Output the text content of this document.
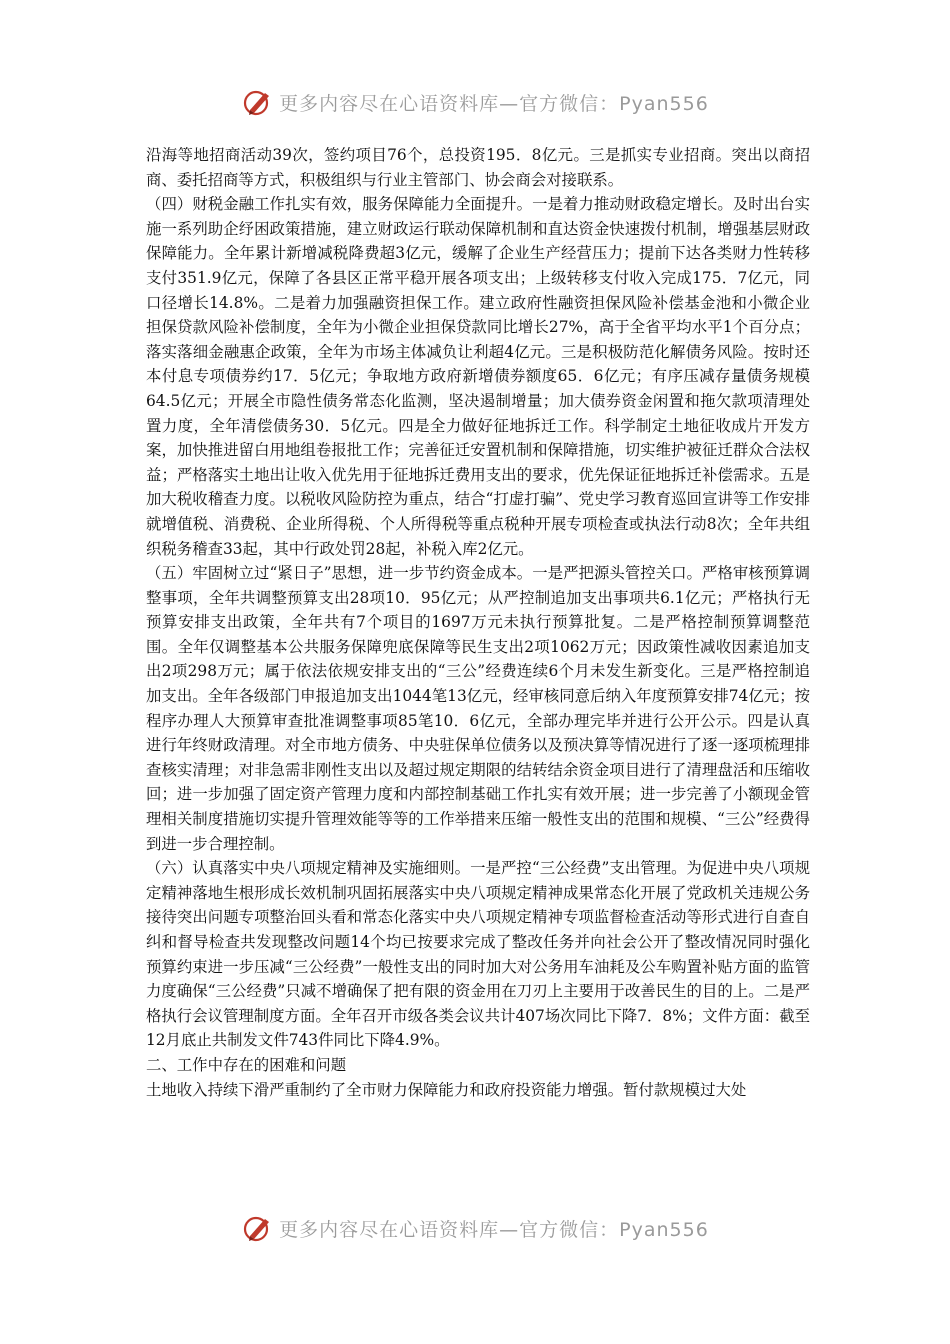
更多内容尽在心语资料库—官方微信：Pyan556

沿海等地招商活动39次，签约项目76个，总投资195．8亿元。三是抓实专业招商。突出以商招商、委托招商等方式，积极组织与行业主管部门、协会商会对接联系。

（四）财税金融工作扎实有效，服务保障能力全面提升。一是着力推动财政稳定增长。及时出台实施一系列助企纾困政策措施，建立财政运行联动保障机制和直达资金快速拨付机制，增强基层财政保障能力。全年累计新增减税降费超3亿元，缓解了企业生产经营压力；提前下达各类财力性转移支付351.9亿元，保障了各县区正常平稳开展各项支出；上级转移支付收入完成175．7亿元，同口径增长14.8%。二是着力加强融资担保工作。建立政府性融资担保风险补偿基金池和小微企业担保贷款风险补偿制度，全年为小微企业担保贷款同比增长27%，高于全省平均水平1个百分点；落实落细金融惠企政策，全年为市场主体减负让利超4亿元。三是积极防范化解债务风险。按时还本付息专项债券约17．5亿元；争取地方政府新增债券额度65．6亿元；有序压减存量债务规模64.5亿元；开展全市隐性债务常态化监测，坚决遏制增量；加大债券资金闲置和拖欠款项清理处置力度，全年清偿债务30．5亿元。四是全力做好征地拆迁工作。科学制定土地征收成片开发方案，加快推进留白用地组卷报批工作；完善征迁安置机制和保障措施，切实维护被征迁群众合法权益；严格落实土地出让收入优先用于征地拆迁费用支出的要求，优先保证征地拆迁补偿需求。五是加大税收稽查力度。以税收风险防控为重点，结合“打虚打骗”、党史学习教育巡回宣讲等工作安排就增值税、消费税、企业所得税、个人所得税等重点税种开展专项检查或执法行动8次；全年共组织税务稽查33起，其中行政处罚28起，补税入库2亿元。

（五）牢固树立过“紧日子”思想，进一步节约资金成本。一是严把源头管控关口。严格审核预算调整事项，全年共调整预算支出28项10．95亿元；从严控制追加支出事项共6.1亿元；严格执行无预算安排支出政策，全年共有7个项目的1697万元未执行预算批复。二是严格控制预算调整范围。全年仅调整基本公共服务保障兜底保障等民生支出2项1062万元；因政策性减收因素追加支出2项298万元；属于依法依规安排支出的“三公”经费连续6个月未发生新变化。三是严格控制追加支出。全年各级部门申报追加支出1044笔13亿元，经审核同意后纳入年度预算安排74亿元；按程序办理人大预算审查批准调整事项85笔10．6亿元，全部办理完毕并进行公开公示。四是认真进行年终财政清理。对全市地方债务、中央驻保单位债务以及预决算等情况进行了逐一逐项梳理排查核实清理；对非急需非刚性支出以及超过规定期限的结转结余资金项目进行了清理盘活和压缩收回；进一步加强了固定资产管理力度和内部控制基础工作扎实有效开展；进一步完善了小额现金管理相关制度措施切实提升管理效能等等的工作举措来压缩一般性支出的范围和规模、“三公”经费得到进一步合理控制。

（六）认真落实中央八项规定精神及实施细则。一是严控“三公经费”支出管理。为促进中央八项规定精神落地生根形成长效机制巩固拓展落实中央八项规定精神成果常态化开展了党政机关违规公务接待突出问题专项整治回头看和常态化落实中央八项规定精神专项监督检查活动等形式进行自查自纠和督导检查共发现整改问题14个均已按要求完成了整改任务并向社会公开了整改情况同时强化预算约束进一步压减“三公经费”一般性支出的同时加大对公务用车油耗及公车购置补贴方面的监管力度确保“三公经费”只减不增确保了把有限的资金用在刀刃上主要用于改善民生的目的上。二是严格执行会议管理制度方面。全年召开市级各类会议共计407场次同比下降7．8%；文件方面：截至12月底止共制发文件743件同比下降4.9%。

二、工作中存在的困难和问题

土地收入持续下滑严重制约了全市财力保障能力和政府投资能力增强。暂付款规模过大处

更多内容尽在心语资料库—官方微信：Pyan556
